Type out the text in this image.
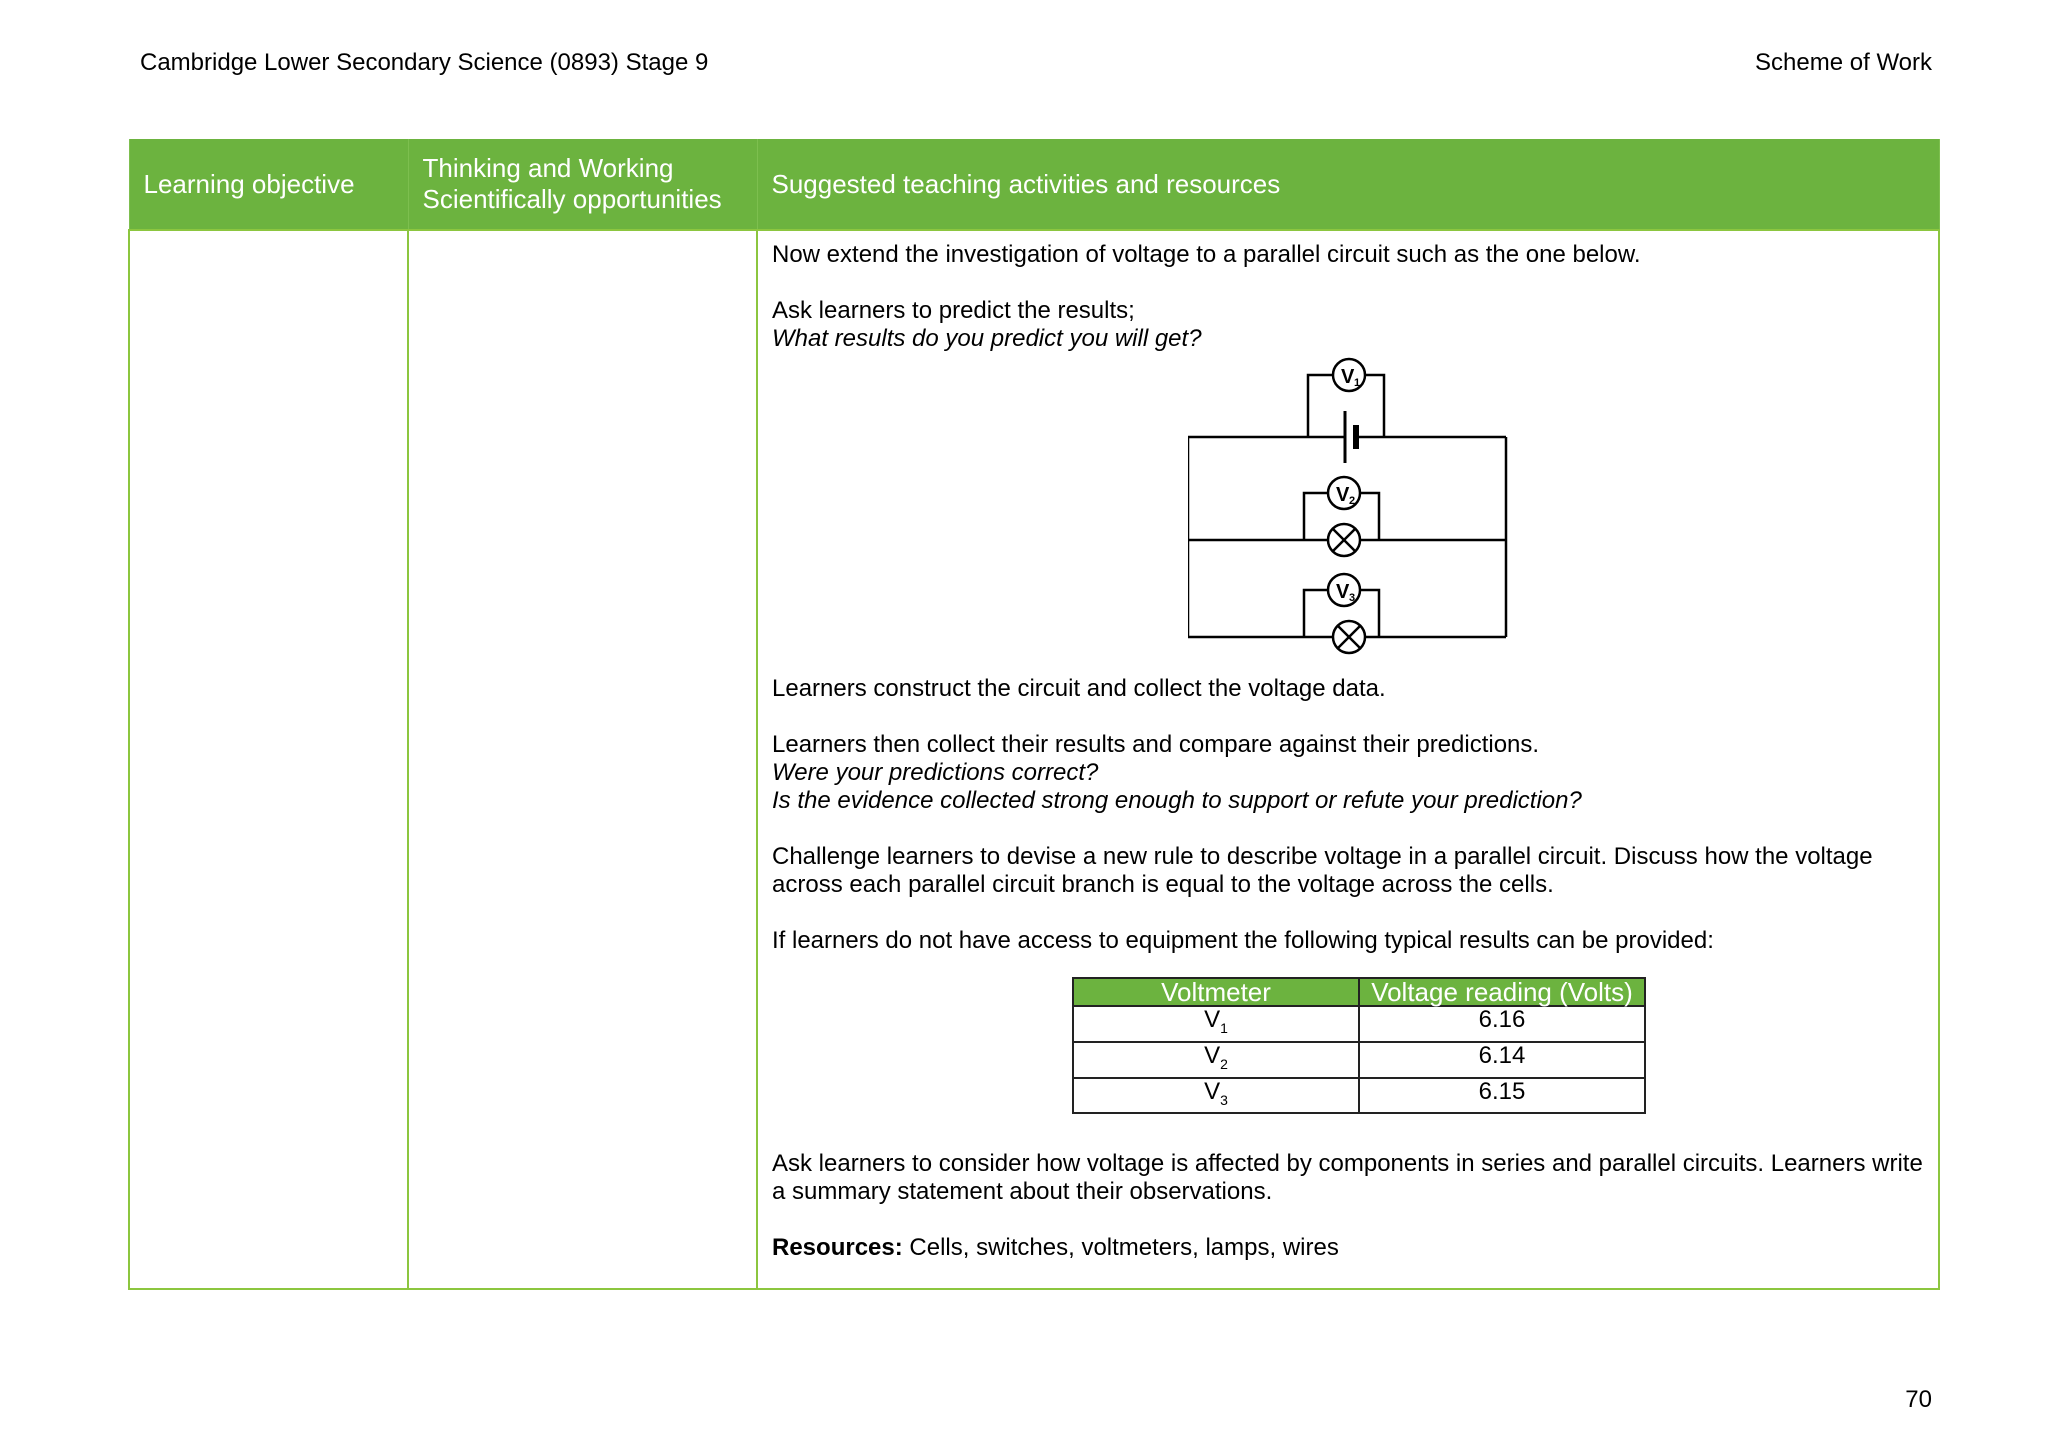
Cambridge Lower Secondary Science (0893) Stage 9	Scheme of Work
Learning objective	Thinking and Working Scientifically opportunities	Suggested teaching activities and resources

Now extend the investigation of voltage to a parallel circuit such as the one below.

Ask learners to predict the results;

What results do you predict you will get?

V 1
V 2
V 3

Learners construct the circuit and collect the voltage data.

Learners then collect their results and compare against their predictions.

Were your predictions correct?

Is the evidence collected strong enough to support or refute your prediction?

Challenge learners to devise a new rule to describe voltage in a parallel circuit. Discuss how the voltage across each parallel circuit branch is equal to the voltage across the cells.

If learners do not have access to equipment the following typical results can be provided:

Voltmeter	Voltage reading (Volts)
$V_1$	6.16
$V_2$	6.14
$V_3$	6.15

Ask learners to consider how voltage is affected by components in series and parallel circuits. Learners write a summary statement about their observations.

Resources: Cells, switches, voltmeters, lamps, wires

70
